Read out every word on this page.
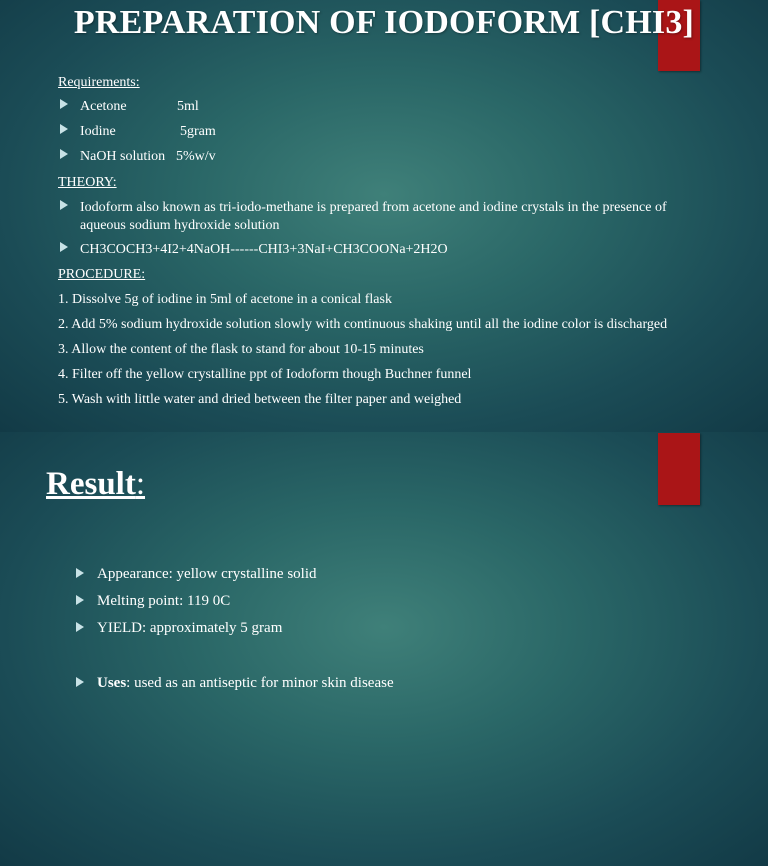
PREPARATION OF IODOFORM [CHI3]
Requirements:
Acetone	5ml
Iodine	5gram
NaOH solution 5%w/v
THEORY:
Iodoform also known as tri-iodo-methane is prepared from acetone and iodine crystals in the presence of
aqueous sodium hydroxide solution
CH3COCH3+4I2+4NaOH------CHI3+3NaI+CH3COONa+2H2O
PROCEDURE:
1. Dissolve 5g of iodine in 5ml of acetone in a conical flask
2. Add 5% sodium hydroxide solution slowly with continuous shaking until all the iodine color is discharged
3. Allow the content of the flask to stand for about 10-15 minutes
4. Filter off the yellow crystalline ppt of Iodoform though Buchner funnel
5. Wash with little water and dried between the filter paper and weighed
Result:
Appearance: yellow crystalline solid
Melting point: 119 0C
YIELD: approximately 5 gram
Uses: used as an antiseptic for minor skin disease
